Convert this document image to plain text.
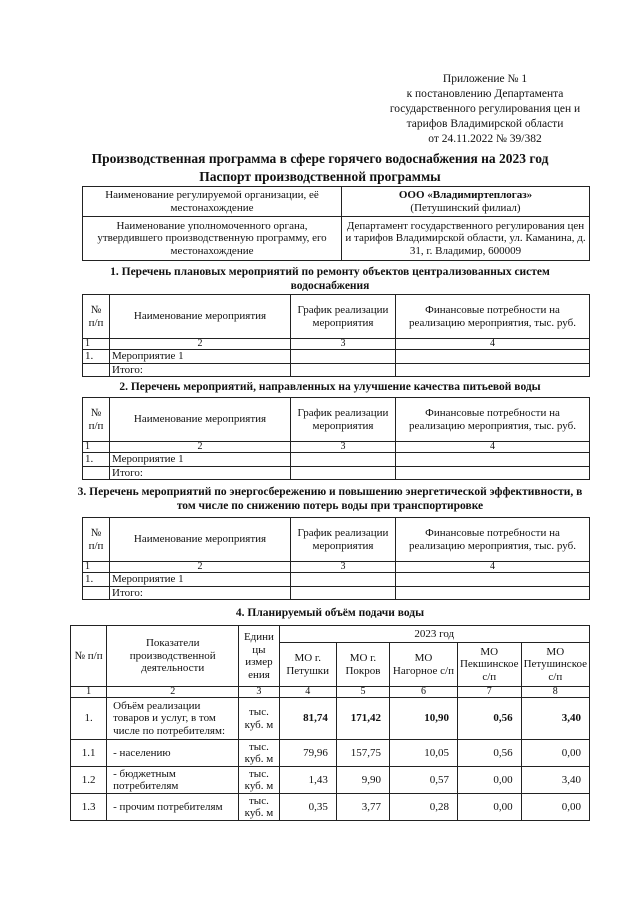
Приложение № 1
к постановлению Департамента
государственного регулирования цен и
тарифов Владимирской области
от 24.11.2022 № 39/382
Производственная программа в сфере горячего водоснабжения на 2023 год
Паспорт производственной программы
Наименование регулируемой организации, её местонахождение	ООО «Владимиртеплогаз»
(Петушинский филиал)

Наименование уполномоченного органа, утвердившего производственную программу, его местонахождение	Департамент государственного регулирования цен и тарифов Владимирской области, ул. Каманина, д. 31, г. Владимир, 600009
1. Перечень плановых мероприятий по ремонту объектов централизованных систем водоснабжения
№ п/п	Наименование мероприятия	График реализации мероприятия	Финансовые потребности на реализацию мероприятия, тыс. руб.
1	2	3	4
1.	Мероприятие 1		
	Итого:		
2. Перечень мероприятий, направленных на улучшение качества питьевой воды
№ п/п	Наименование мероприятия	График реализации мероприятия	Финансовые потребности на реализацию мероприятия, тыс. руб.
1	2	3	4
1.	Мероприятие 1		
	Итого:		
3. Перечень мероприятий по энергосбережению и повышению энергетической эффективности, в том числе по снижению потерь воды при транспортировке
№ п/п	Наименование мероприятия	График реализации мероприятия	Финансовые потребности на реализацию мероприятия, тыс. руб.
1	2	3	4
1.	Мероприятие 1		
	Итого:		
4. Планируемый объём подачи воды
№ п/п	Показатели производственной деятельности	Едини цы измер ения	2023 год				
			МО г. Петушки	МО г. Покров	МО Нагорное с/п	МО Пекшинское с/п	МО Петушинское с/п
1	2	3	4	5	6	7	8
1.	Объём реализации товаров и услуг, в том числе по потребителям:	тыс. куб. м	81,74	171,42	10,90	0,56	3,40
1.1	- населению	тыс. куб. м	79,96	157,75	10,05	0,56	0,00
1.2	- бюджетным потребителям	тыс. куб. м	1,43	9,90	0,57	0,00	3,40
1.3	- прочим потребителям	тыс. куб. м	0,35	3,77	0,28	0,00	0,00
